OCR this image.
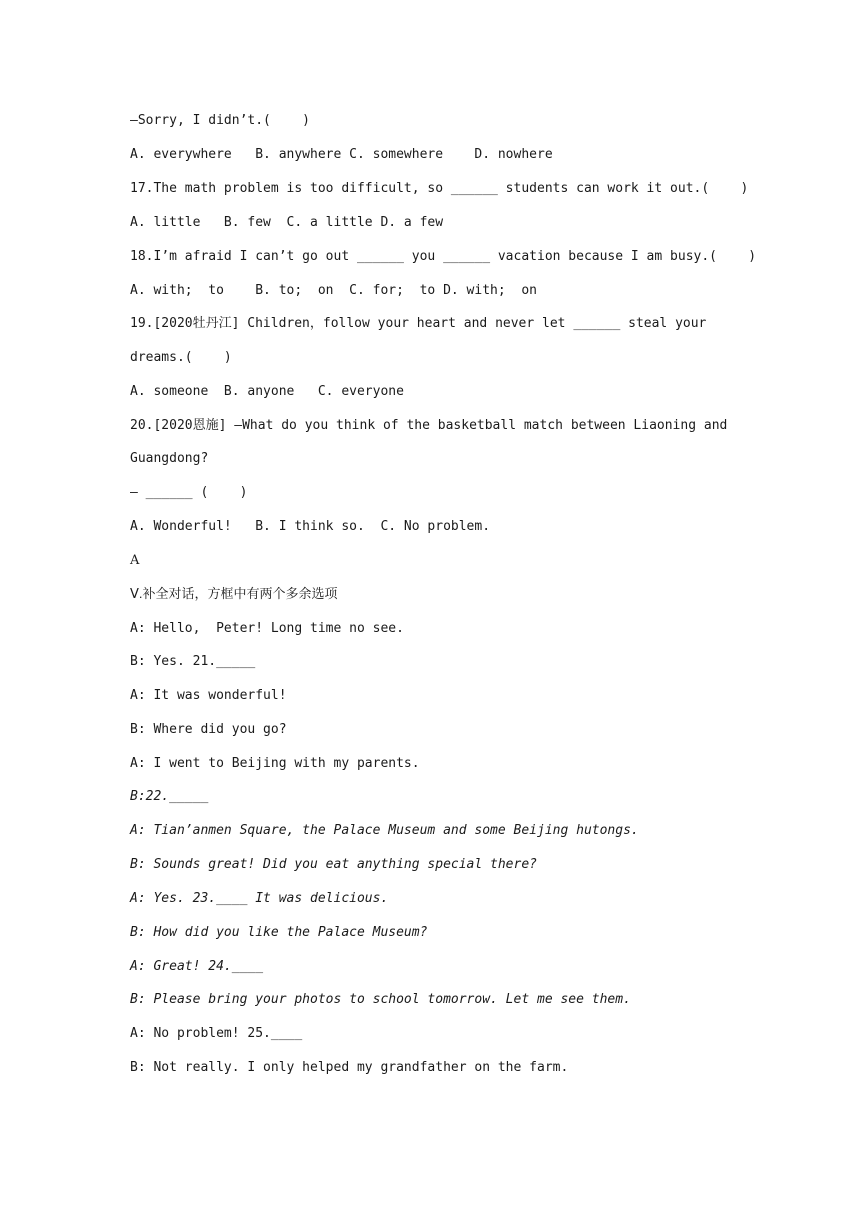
—Sorry, I didn’t.(    )
A. everywhere   B. anywhere C. somewhere    D. nowhere
17.The math problem is too difficult, so ______ students can work it out.(    )
A. little   B. few  C. a little D. a few
18.I’m afraid I can’t go out ______ you ______ vacation because I am busy.(    )
A. with;  to    B. to;  on  C. for;  to D. with;  on
19.[2020牡丹江] Children，follow your heart and never let ______ steal your
dreams.(    )
A. someone  B. anyone   C. everyone
20.[2020恩施] —What do you think of the basketball match between Liaoning and
Guangdong?
— ______ (    )
A. Wonderful!   B. I think so.  C. No problem.
A
Ⅴ.补全对话，方框中有两个多余选项
A: Hello,  Peter! Long time no see.
B: Yes. 21._____
A: It was wonderful!
B: Where did you go?
A: I went to Beijing with my parents.
B:22._____
A: Tian’anmen Square, the Palace Museum and some Beijing hutongs.
B: Sounds great! Did you eat anything special there?
A: Yes. 23.____ It was delicious.
B: How did you like the Palace Museum?
A: Great! 24.____
B: Please bring your photos to school tomorrow. Let me see them.
A: No problem! 25.____
B: Not really. I only helped my grandfather on the farm.
